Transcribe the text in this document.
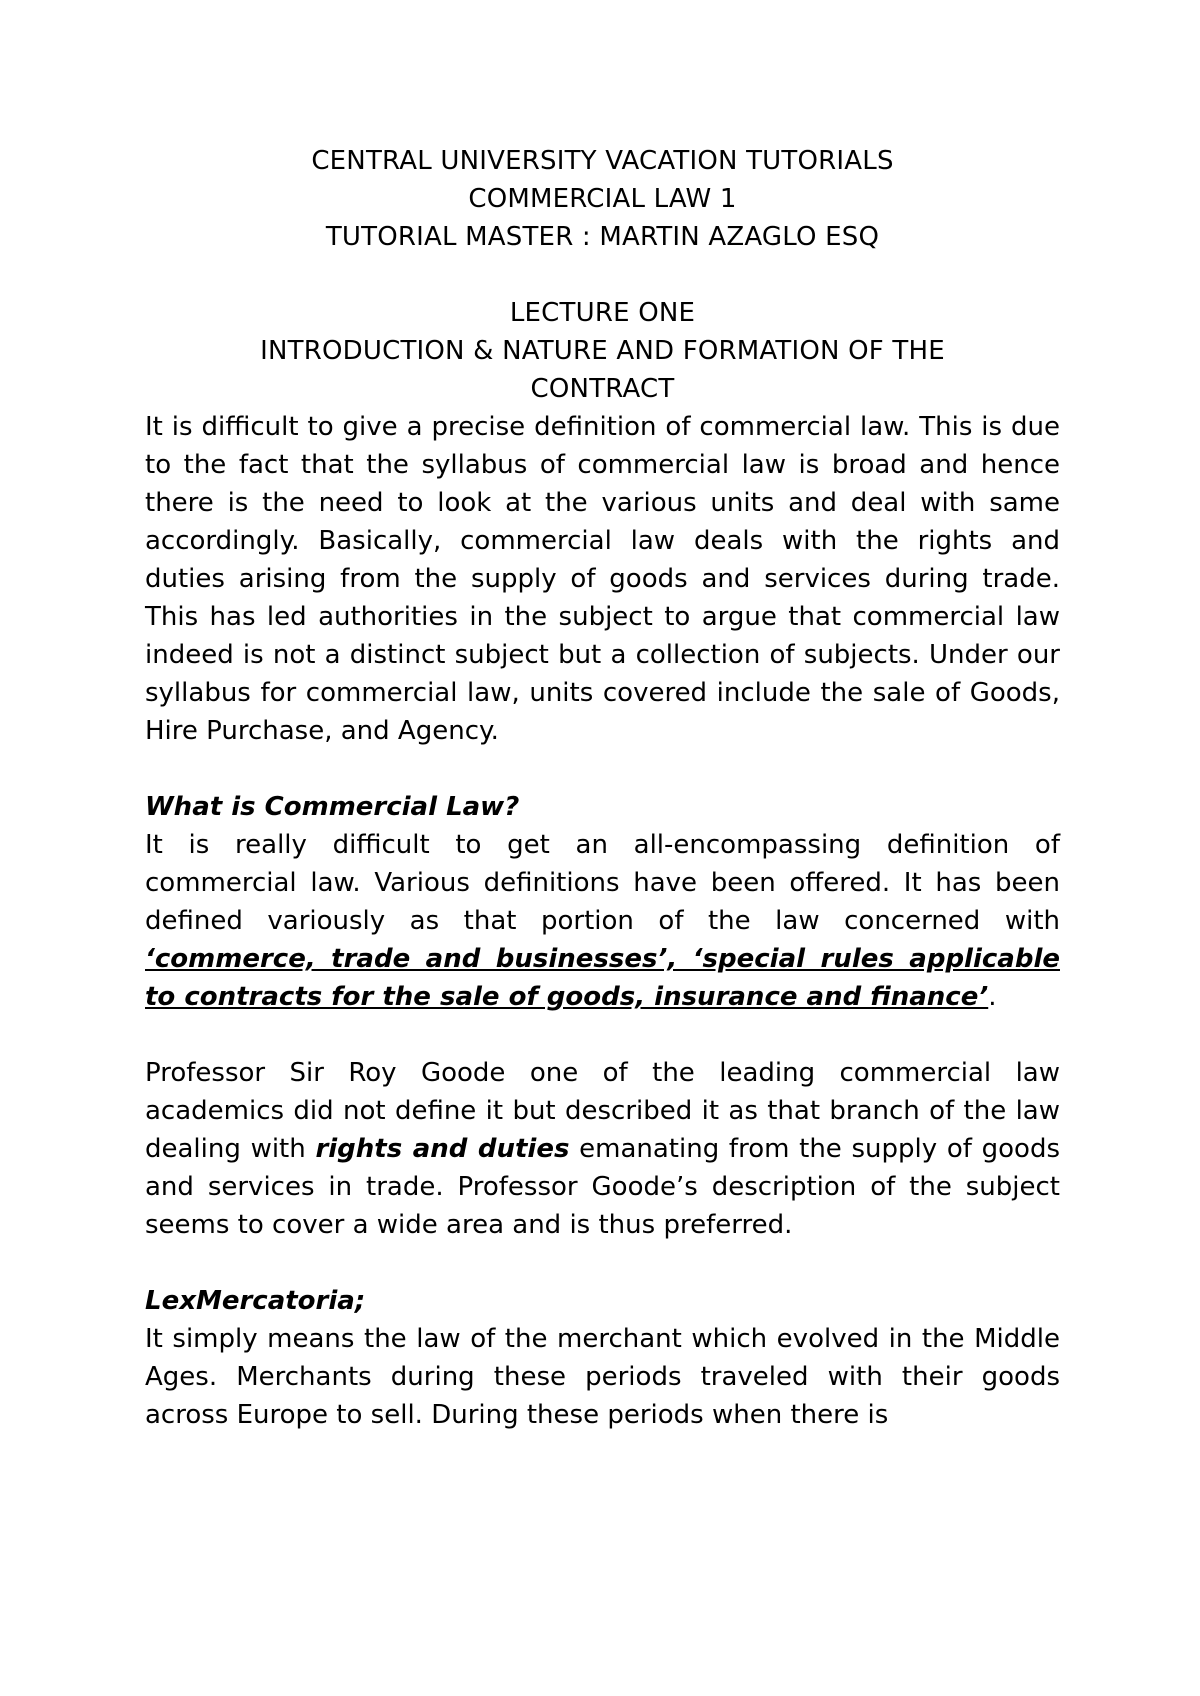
CENTRAL UNIVERSITY VACATION TUTORIALS

COMMERCIAL LAW 1

TUTORIAL MASTER : MARTIN AZAGLO ESQ

LECTURE ONE

INTRODUCTION & NATURE AND FORMATION OF THE

CONTRACT

It is difficult to give a precise definition of commercial law. This is due to the fact that the syllabus of commercial law is broad and hence there is the need to look at the various units and deal with same accordingly. Basically, commercial law deals with the rights and duties arising from the supply of goods and services during trade. This has led authorities in the subject to argue that commercial law indeed is not a distinct subject but a collection of subjects. Under our syllabus for commercial law, units covered include the sale of Goods, Hire Purchase, and Agency.

What is Commercial Law?

It is really difficult to get an all-encompassing definition of commercial law. Various definitions have been offered. It has been defined variously as that portion of the law concerned with ‘commerce, trade and businesses’, ‘special rules applicable to contracts for the sale of goods, insurance and finance’.

Professor Sir Roy Goode one of the leading commercial law academics did not define it but described it as that branch of the law dealing with rights and duties emanating from the supply of goods and services in trade. Professor Goode’s description of the subject seems to cover a wide area and is thus preferred.

LexMercatoria;

It simply means the law of the merchant which evolved in the Middle Ages. Merchants during these periods traveled with their goods across Europe to sell. During these periods when there is
